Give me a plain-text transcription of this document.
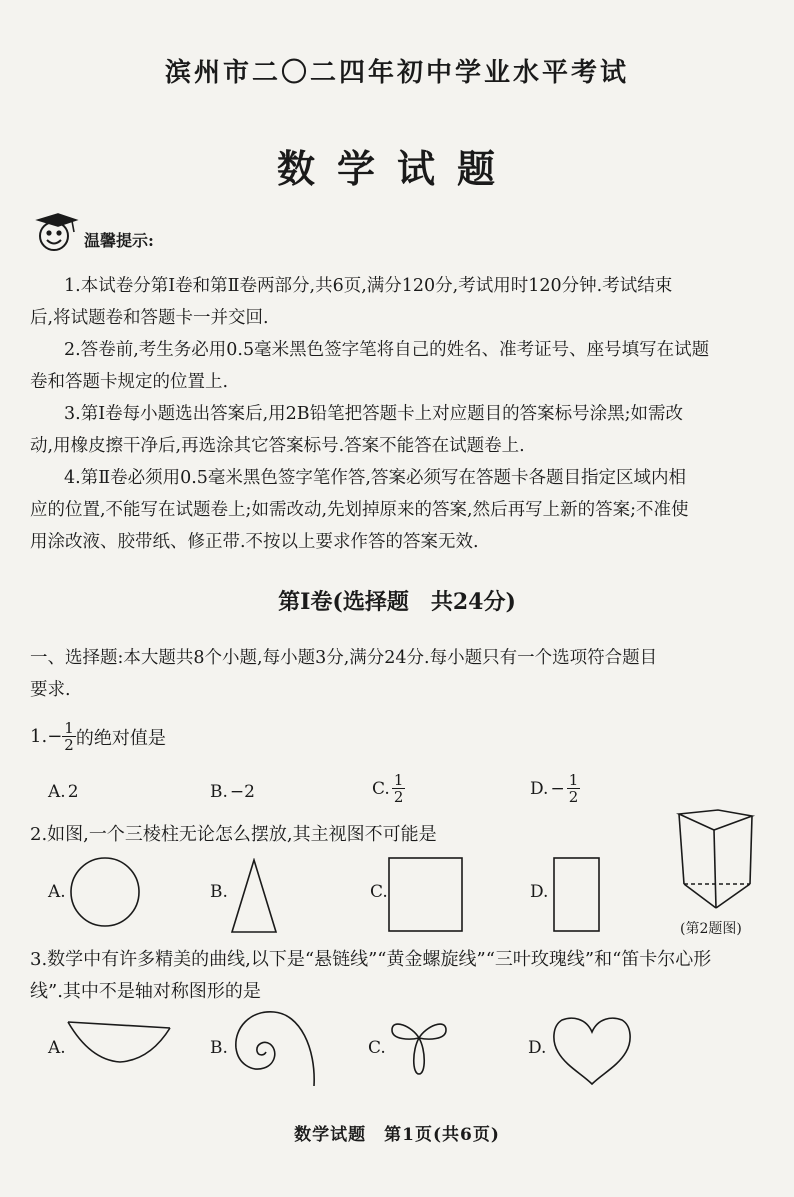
滨州市二〇二四年初中学业水平考试
数学试题
温馨提示:
1.本试卷分第Ⅰ卷和第Ⅱ卷两部分,共6页,满分120分,考试用时120分钟.考试结束
后,将试题卷和答题卡一并交回.
2.答卷前,考生务必用0.5毫米黑色签字笔将自己的姓名、准考证号、座号填写在试题
卷和答题卡规定的位置上.
3.第Ⅰ卷每小题选出答案后,用2B铅笔把答题卡上对应题目的答案标号涂黑;如需改
动,用橡皮擦干净后,再选涂其它答案标号.答案不能答在试题卷上.
4.第Ⅱ卷必须用0.5毫米黑色签字笔作答,答案必须写在答题卡各题目指定区域内相
应的位置,不能写在试题卷上;如需改动,先划掉原来的答案,然后再写上新的答案;不准使
用涂改液、胶带纸、修正带.不按以上要求作答的答案无效.
第Ⅰ卷(选择题　共24分)
一、选择题:本大题共8个小题,每小题3分,满分24分.每小题只有一个选项符合题目
要求.
1. − $\frac{1}{2}$ 的绝对值是
A. 2	B. −2	C. $\frac{1}{2}$	D. − $\frac{1}{2}$
2.如图,一个三棱柱无论怎么摆放,其主视图不可能是
A.	B.	C.	D.
(第2题图)
3.数学中有许多精美的曲线,以下是“悬链线”“黄金螺旋线”“三叶玫瑰线”和“笛卡尔心形
线”.其中不是轴对称图形的是
A.	B.	C.	D.
数学试题　第1页(共6页)
